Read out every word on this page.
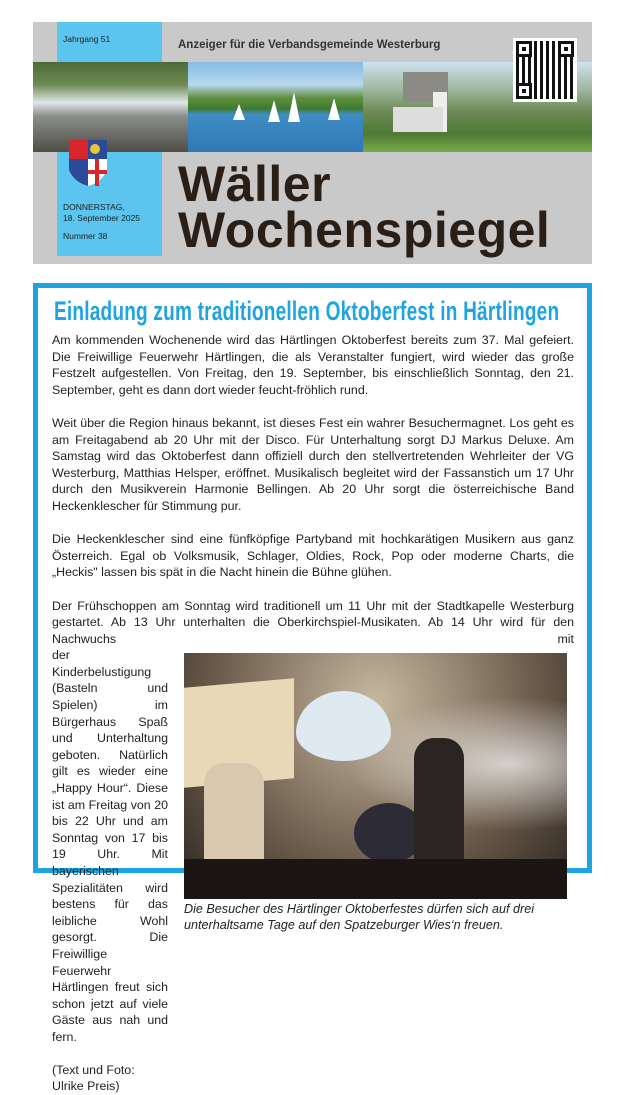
Jahrgang 51	Anzeiger für die Verbandsgemeinde Westerburg
Wäller
Wochenspiegel
DONNERSTAG,
18. September 2025
Nummer 38
Einladung zum traditionellen Oktoberfest in Härtlingen

Am kommenden Wochenende wird das Härtlingen Oktoberfest bereits zum 37. Mal gefeiert. Die Freiwillige Feuerwehr Härtlingen, die als Veranstalter fungiert, wird wieder das große Festzelt aufgestellen. Von Freitag, den 19. September, bis einschließlich Sonntag, den 21. September, geht es dann dort wieder feucht-fröhlich rund.

Weit über die Region hinaus bekannt, ist dieses Fest ein wahrer Besuchermagnet. Los geht es am Freitagabend ab 20 Uhr mit der Disco. Für Unterhaltung sorgt DJ Markus Deluxe. Am Samstag wird das Oktoberfest dann offiziell durch den stellvertretenden Wehrleiter der VG Westerburg, Matthias Helsper, eröffnet. Musikalisch begleitet wird der Fassanstich um 17 Uhr durch den Musikverein Harmonie Bellingen. Ab 20 Uhr sorgt die österreichische Band Heckenklescher für Stimmung pur.

Die Heckenklescher sind eine fünfköpfige Partyband mit hochkarätigen Musikern aus ganz Österreich. Egal ob Volksmusik, Schlager, Oldies, Rock, Pop oder moderne Charts, die „Heckis" lassen bis spät in die Nacht hinein die Bühne glühen.

Der Frühschoppen am Sonntag wird traditionell um 11 Uhr mit der Stadtkapelle Westerburg gestartet. Ab 13 Uhr unterhalten die Oberkirchspiel-Musikaten. Ab 14 Uhr wird für den Nachwuchs mit
der Kinderbelustigung (Basteln und Spielen) im Bürgerhaus Spaß und Unterhaltung geboten. Natürlich gilt es wieder eine „Happy Hour“. Diese ist am Freitag von 20 bis 22 Uhr und am Sonntag von 17 bis 19 Uhr. Mit bayerischen Spezialitäten wird bestens für das leibliche Wohl gesorgt. Die Freiwillige Feuerwehr Härtlingen freut sich schon jetzt auf viele Gäste aus nah und fern.
(Text und Foto: Ulrike Preis)
Die Besucher des Härtlinger Oktoberfestes dürfen sich auf drei unterhaltsame Tage auf den Spatzeburger Wies‘n freuen.
